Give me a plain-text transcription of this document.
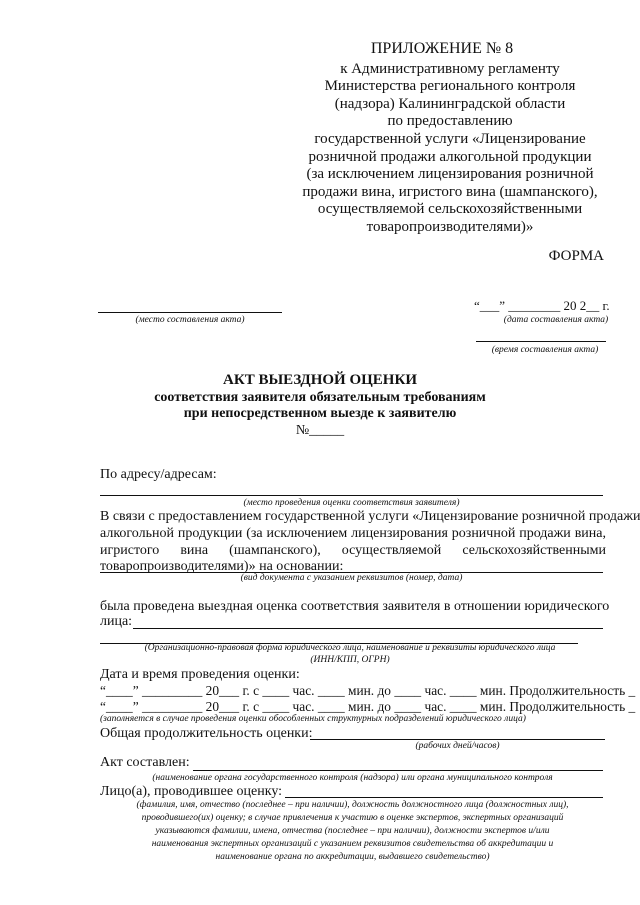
ПРИЛОЖЕНИЕ № 8
к Административному регламенту
Министерства регионального контроля
(надзора) Калининградской области
по предоставлению
государственной услуги «Лицензирование
розничной продажи алкогольной продукции
(за исключением лицензирования розничной
продажи вина, игристого вина (шампанского),
осуществляемой сельскохозяйственными
товаропроизводителями)»
ФОРМА
(место составления акта)
“___” ________ 20 2__ г.
(дата составления акта)
(время составления акта)
АКТ ВЫЕЗДНОЙ ОЦЕНКИ
соответствия заявителя обязательным требованиям
при непосредственном выезде к заявителю
№_____
По адресу/адресам:
(место проведения оценки соответствия заявителя)
В связи с предоставлением государственной услуги «Лицензирование розничной продажи
алкогольной продукции (за исключением лицензирования розничной продажи вина,
игристого вина (шампанского), осуществляемой сельскохозяйственными
товаропроизводителями)» на основании:
(вид документа с указанием реквизитов (номер, дата)
была проведена выездная оценка соответствия заявителя в отношении юридического
лица:
(Организационно-правовая форма юридического лица, наименование и реквизиты юридического лица
(ИНН/КПП, ОГРН)
Дата и время проведения оценки:
“____” _________ 20___ г. с ____ час. ____ мин. до ____ час. ____ мин. Продолжительность _
“____” _________ 20___ г. с ____ час. ____ мин. до ____ час. ____ мин. Продолжительность _
(заполняется в случае проведения оценки обособленных структурных подразделений юридического лица)
Общая продолжительность оценки:
(рабочих дней/часов)
Акт составлен:
(наименование органа государственного контроля (надзора) или органа муниципального контроля
Лицо(а), проводившее оценку:
(фамилия, имя, отчество (последнее – при наличии), должность должностного лица (должностных лиц),
проводившего(их) оценку; в случае привлечения к участию в оценке экспертов, экспертных организаций
указываются фамилии, имена, отчества (последнее – при наличии), должности экспертов и/или
наименования экспертных организаций с указанием реквизитов свидетельства об аккредитации и
наименование органа по аккредитации, выдавшего свидетельство)
